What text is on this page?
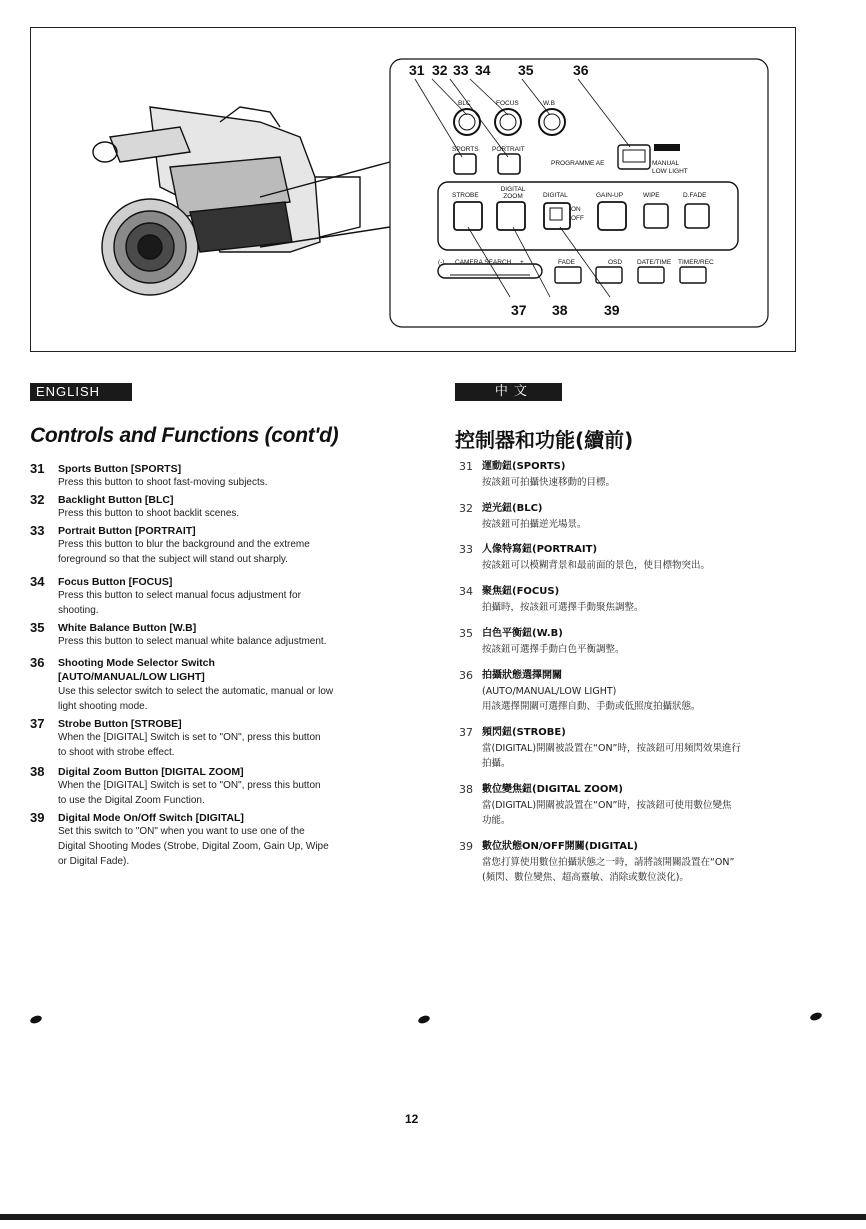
31 32 33 34 35	36
37 38	39
BLC	FOCUS	W.B
SPORTS PORTRAIT
PROGRAMME AE	MANUAL
LOW LIGHT
STROBE
DIGITAL ZOOM	DIGITAL
ON
OFF
GAIN-UP	WIPE	D.FADE
(-) CAMERA SEARCH +	FADE	OSD DATE/TIME TIMER/REC
ENGLISH	中 文
Controls and Functions (cont'd)	控制器和功能(續前)
31 Sports Button [SPORTS]
Press this button to shoot fast-moving subjects.
32 Backlight Button [BLC]
Press this button to shoot backlit scenes.
33 Portrait Button [PORTRAIT]
Press this button to blur the background and the extreme
foreground so that the subject will stand out sharply.
34 Focus Button [FOCUS]
Press this button to select manual focus adjustment for
shooting.
35 White Balance Button [W.B]
Press this button to select manual white balance adjustment.
36 Shooting Mode Selector Switch
[AUTO/MANUAL/LOW LIGHT]
Use this selector switch to select the automatic, manual or low
light shooting mode.
37 Strobe Button [STROBE]
When the [DIGITAL] Switch is set to "ON", press this button
to shoot with strobe effect.
38 Digital Zoom Button [DIGITAL ZOOM]
When the [DIGITAL] Switch is set to "ON", press this button
to use the Digital Zoom Function.
39 Digital Mode On/Off Switch [DIGITAL]
Set this switch to "ON" when you want to use one of the
Digital Shooting Modes (Strobe, Digital Zoom, Gain Up, Wipe
or Digital Fade).
31 運動鈕(SPORTS)
按該鈕可拍攝快速移動的目標。
32 逆光鈕(BLC)
按該鈕可拍攝逆光場景。
33 人像特寫鈕(PORTRAIT)
按該鈕可以模糊背景和最前面的景色，使目標物突出。
34 聚焦鈕(FOCUS)
拍攝時，按該鈕可選擇手動聚焦調整。
35 白色平衡鈕(W.B)
按該鈕可選擇手動白色平衡調整。
36 拍攝狀態選擇開關
(AUTO/MANUAL/LOW LIGHT)
用該選擇開關可選擇自動、手動或低照度拍攝狀態。
37 頻閃鈕(STROBE)
當(DIGITAL)開關被設置在“ON”時，按該鈕可用頻閃效果進行
拍攝。
38 數位變焦鈕(DIGITAL ZOOM)
當(DIGITAL)開關被設置在“ON”時，按該鈕可使用數位變焦
功能。
39 數位狀態ON/OFF開關(DIGITAL)
當您打算使用數位拍攝狀態之一時，請將該開關設置在“ON”
(頻閃、數位變焦、超高靈敏、消除或數位淡化)。
12
